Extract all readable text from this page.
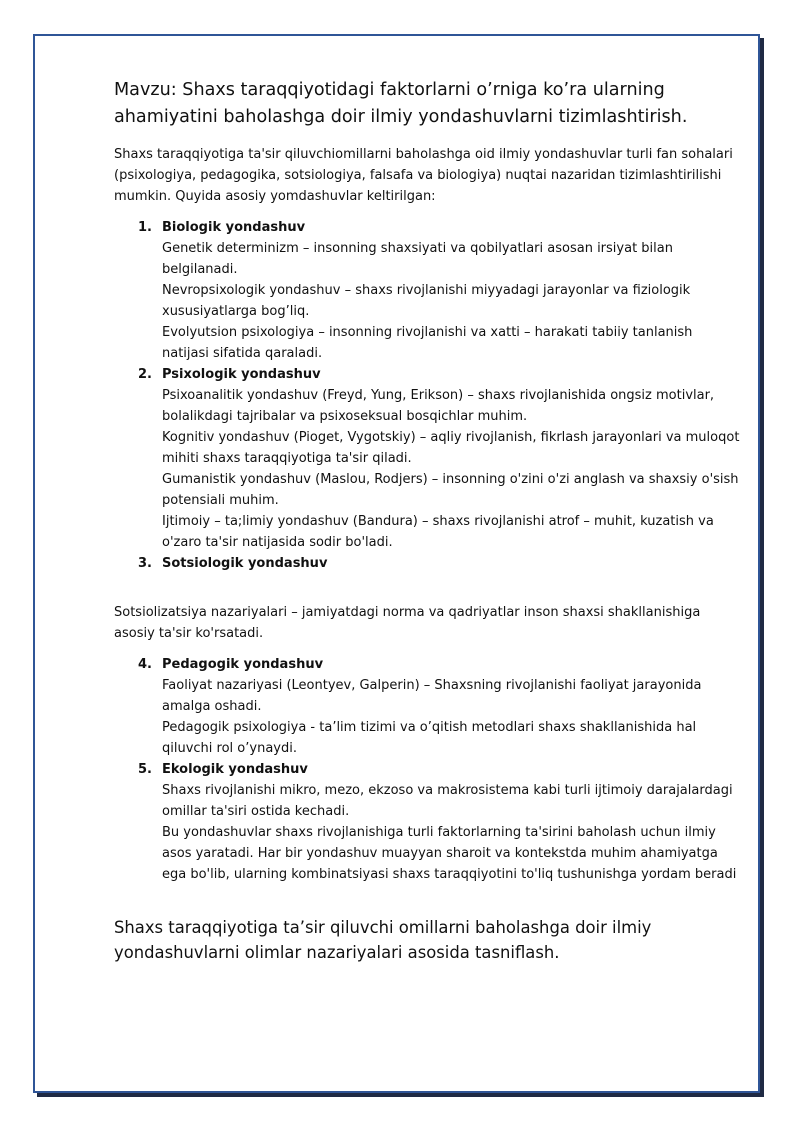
Mavzu: Shaxs taraqqiyotidagi faktorlarni o’rniga ko’ra ularning ahamiyatini baholashga doir ilmiy yondashuvlarni tizimlashtirish.

Shaxs taraqqiyotiga ta'sir qiluvchiomillarni baholashga oid ilmiy yondashuvlar turli fan sohalari (psixologiya, pedagogika, sotsiologiya, falsafa va biologiya) nuqtai nazaridan tizimlashtirilishi mumkin. Quyida asosiy yomdashuvlar keltirilgan:

1. Biologik yondashuv
Genetik determinizm – insonning shaxsiyati va qobilyatlari asosan irsiyat bilan belgilanadi.
Nevropsixologik yondashuv – shaxs rivojlanishi miyyadagi jarayonlar va fiziologik xususiyatlarga bog’liq.
Evolyutsion psixologiya – insonning rivojlanishi va xatti – harakati tabiiy tanlanish natijasi sifatida qaraladi.
2. Psixologik yondashuv
Psixoanalitik yondashuv (Freyd, Yung, Erikson) – shaxs rivojlanishida ongsiz motivlar, bolalikdagi tajribalar va psixoseksual bosqichlar muhim.
Kognitiv yondashuv (Pioget, Vygotskiy) – aqliy rivojlanish, fikrlash jarayonlari va muloqot mihiti shaxs taraqqiyotiga ta'sir qiladi.
Gumanistik yondashuv (Maslou, Rodjers) – insonning o'zini o'zi anglash va shaxsiy o'sish potensiali muhim.
Ijtimoiy – ta;limiy yondashuv (Bandura) – shaxs rivojlanishi atrof – muhit, kuzatish va o'zaro ta'sir natijasida sodir bo'ladi.
3. Sotsiologik yondashuv

Sotsiolizatsiya nazariyalari – jamiyatdagi norma va qadriyatlar inson shaxsi shakllanishiga asosiy ta'sir ko'rsatadi.

4. Pedagogik yondashuv
Faoliyat nazariyasi (Leontyev, Galperin) – Shaxsning rivojlanishi faoliyat jarayonida amalga oshadi.
Pedagogik psixologiya - ta’lim tizimi va o’qitish metodlari shaxs shakllanishida hal qiluvchi rol o’ynaydi.
5. Ekologik yondashuv
Shaxs rivojlanishi mikro, mezo, ekzoso va makrosistema kabi turli ijtimoiy darajalardagi omillar ta'siri ostida kechadi.
Bu yondashuvlar shaxs rivojlanishiga turli faktorlarning ta'sirini baholash uchun ilmiy asos yaratadi. Har bir yondashuv muayyan sharoit va kontekstda muhim ahamiyatga ega bo'lib, ularning kombinatsiyasi shaxs taraqqiyotini to'liq tushunishga yordam beradi

Shaxs taraqqiyotiga ta’sir qiluvchi omillarni baholashga doir ilmiy yondashuvlarni olimlar nazariyalari asosida tasniflash.
